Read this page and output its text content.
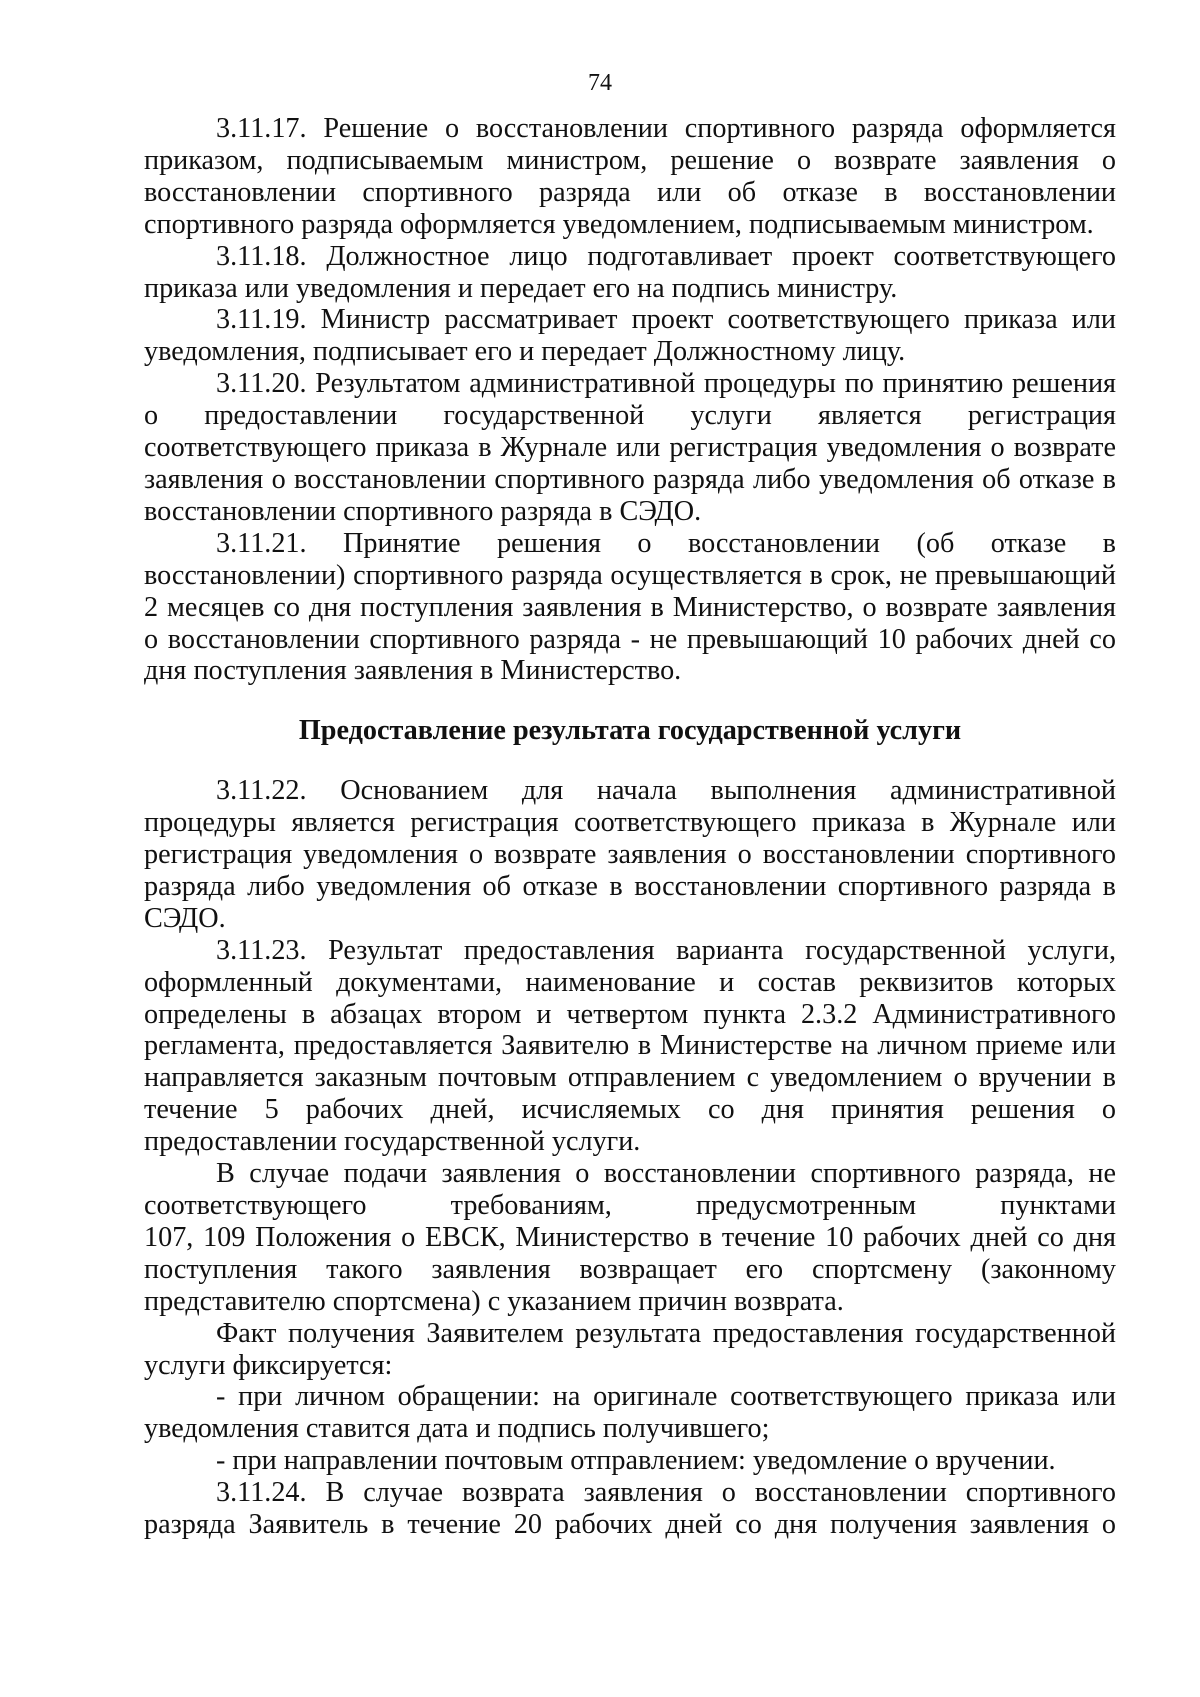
74

3.11.17. Решение о восстановлении спортивного разряда оформляется приказом, подписываемым министром, решение о возврате заявления о восстановлении спортивного разряда или об отказе в восстановлении спортивного разряда оформляется уведомлением, подписываемым министром.

3.11.18. Должностное лицо подготавливает проект соответствующего приказа или уведомления и передает его на подпись министру.

3.11.19. Министр рассматривает проект соответствующего приказа или уведомления, подписывает его и передает Должностному лицу.

3.11.20. Результатом административной процедуры по принятию решения о предоставлении государственной услуги является регистрация соответствующего приказа в Журнале или регистрация уведомления о возврате заявления о восстановлении спортивного разряда либо уведомления об отказе в восстановлении спортивного разряда в СЭДО.

3.11.21. Принятие решения о восстановлении (об отказе в восстановлении) спортивного разряда осуществляется в срок, не превышающий 2 месяцев со дня поступления заявления в Министерство, о возврате заявления о восстановлении спортивного разряда - не превышающий 10 рабочих дней со дня поступления заявления в Министерство.

Предоставление результата государственной услуги

3.11.22. Основанием для начала выполнения административной процедуры является регистрация соответствующего приказа в Журнале или регистрация уведомления о возврате заявления о восстановлении спортивного разряда либо уведомления об отказе в восстановлении спортивного разряда в СЭДО.

3.11.23. Результат предоставления варианта государственной услуги, оформленный документами, наименование и состав реквизитов которых определены в абзацах втором и четвертом пункта 2.3.2 Административного регламента, предоставляется Заявителю в Министерстве на личном приеме или направляется заказным почтовым отправлением с уведомлением о вручении в течение 5 рабочих дней, исчисляемых со дня принятия решения о предоставлении государственной услуги.

В случае подачи заявления о восстановлении спортивного разряда, не соответствующего требованиям, предусмотренным пунктами

107, 109 Положения о ЕВСК, Министерство в течение 10 рабочих дней со дня поступления такого заявления возвращает его спортсмену (законному представителю спортсмена) с указанием причин возврата.

Факт получения Заявителем результата предоставления государственной услуги фиксируется:

- при личном обращении: на оригинале соответствующего приказа или уведомления ставится дата и подпись получившего;

- при направлении почтовым отправлением: уведомление о вручении.

3.11.24. В случае возврата заявления о восстановлении спортивного разряда Заявитель в течение 20 рабочих дней со дня получения заявления о
